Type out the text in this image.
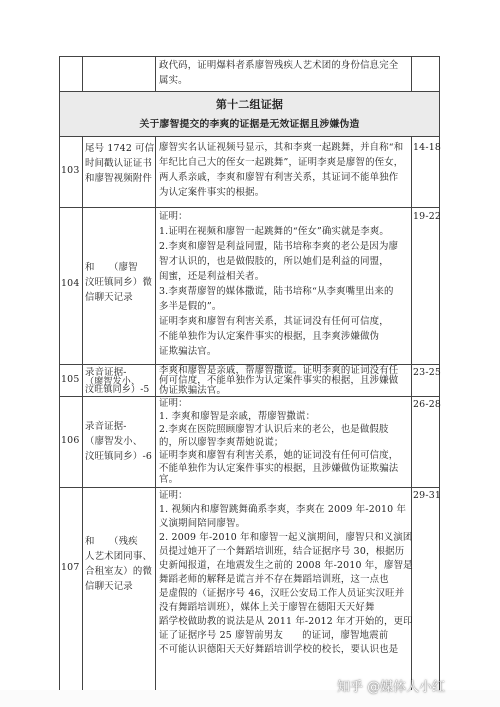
政代码，证明爆料者系廖智残疾人艺术团的身份信息完全
属实。
第十二组证据
关于廖智提交的李爽的证据是无效证据且涉嫌伪造
103
尾号 1742 可信
时间戳认证证书
和廖智视频附件
廖智实名认证视频号显示，其和李爽一起跳舞，并自称“和
年纪比自己大的侄女一起跳舞”，证明李爽是廖智的侄女，
两人系亲戚，李爽和廖智有利害关系，其证词不能单独作
为认定案件事实的根据。
14-18
104
和　　（廖智
汶旺镇同乡）微
信聊天记录
证明：
1.证明在视频和廖智一起跳舞的“侄女”确实就是李爽。
2.李爽和廖智是利益同盟，陆书培称李爽的老公是因为廖
智才认识的，也是做假肢的，所以她们是利益的同盟，
闺蜜，还是利益相关者。
3.李爽帮廖智的媒体撒谎，陆书培称“从李爽嘴里出来的
多半是假的”。
证明李爽和廖智有利害关系，其证词没有任何可信度，
不能单独作为认定案件事实的根据，且李爽涉嫌做伪
证欺骗法官。
19-22
105
录音证据-
（廖智发小、
汶旺镇同乡）-5
李爽和廖智是亲戚，帮廖智撒谎。证明李爽的证词没有任
何可信度，不能单独作为认定案件事实的根据，且涉嫌做
伪证欺骗法官。
23-25
106
录音证据-
（廖智发小、
汶旺镇同乡）-6
证明：
1. 李爽和廖智是亲戚，帮廖智撒谎：
2.李爽在医院照顾廖智才认识后来的老公，也是做假肢
的，所以廖智李爽帮她说谎；
证明李爽和廖智有利害关系，她的证词没有任何可信度，
不能单独作为认定案件事实的根据，且涉嫌做伪证欺骗法
官。
26-28
107
和　　（残疾
人艺术团同事、
合租室友）的微
信聊天记录
证明：
1. 视频内和廖智跳舞确系李爽，李爽在 2009 年-2010 年
义演期间陪同廖智。
2. 2009 年-2010 年和廖智一起义演期间，廖智只和义演团
员提过她开了一个舞蹈培训班，结合证据序号 30，根据历
史新闻报道，在地震发生之前的 2008 年-2010 年，廖智是
舞蹈老师的解释是谎言并不存在舞蹈培训班，这一点也
是虚假的（证据序号 46，汉旺公安局工作人员证实汉旺并
没有舞蹈培训班），媒体上关于廖智在德阳天天好舞
蹈学校做助教的说法是从 2011 年-2012 年才开始的，更印
证了证据序号 25 廖智前男友　　的证词，廖智地震前
不可能认识德阳天天好舞蹈培训学校的校长，要认识也是
29-31
知乎 @媒体人小红
